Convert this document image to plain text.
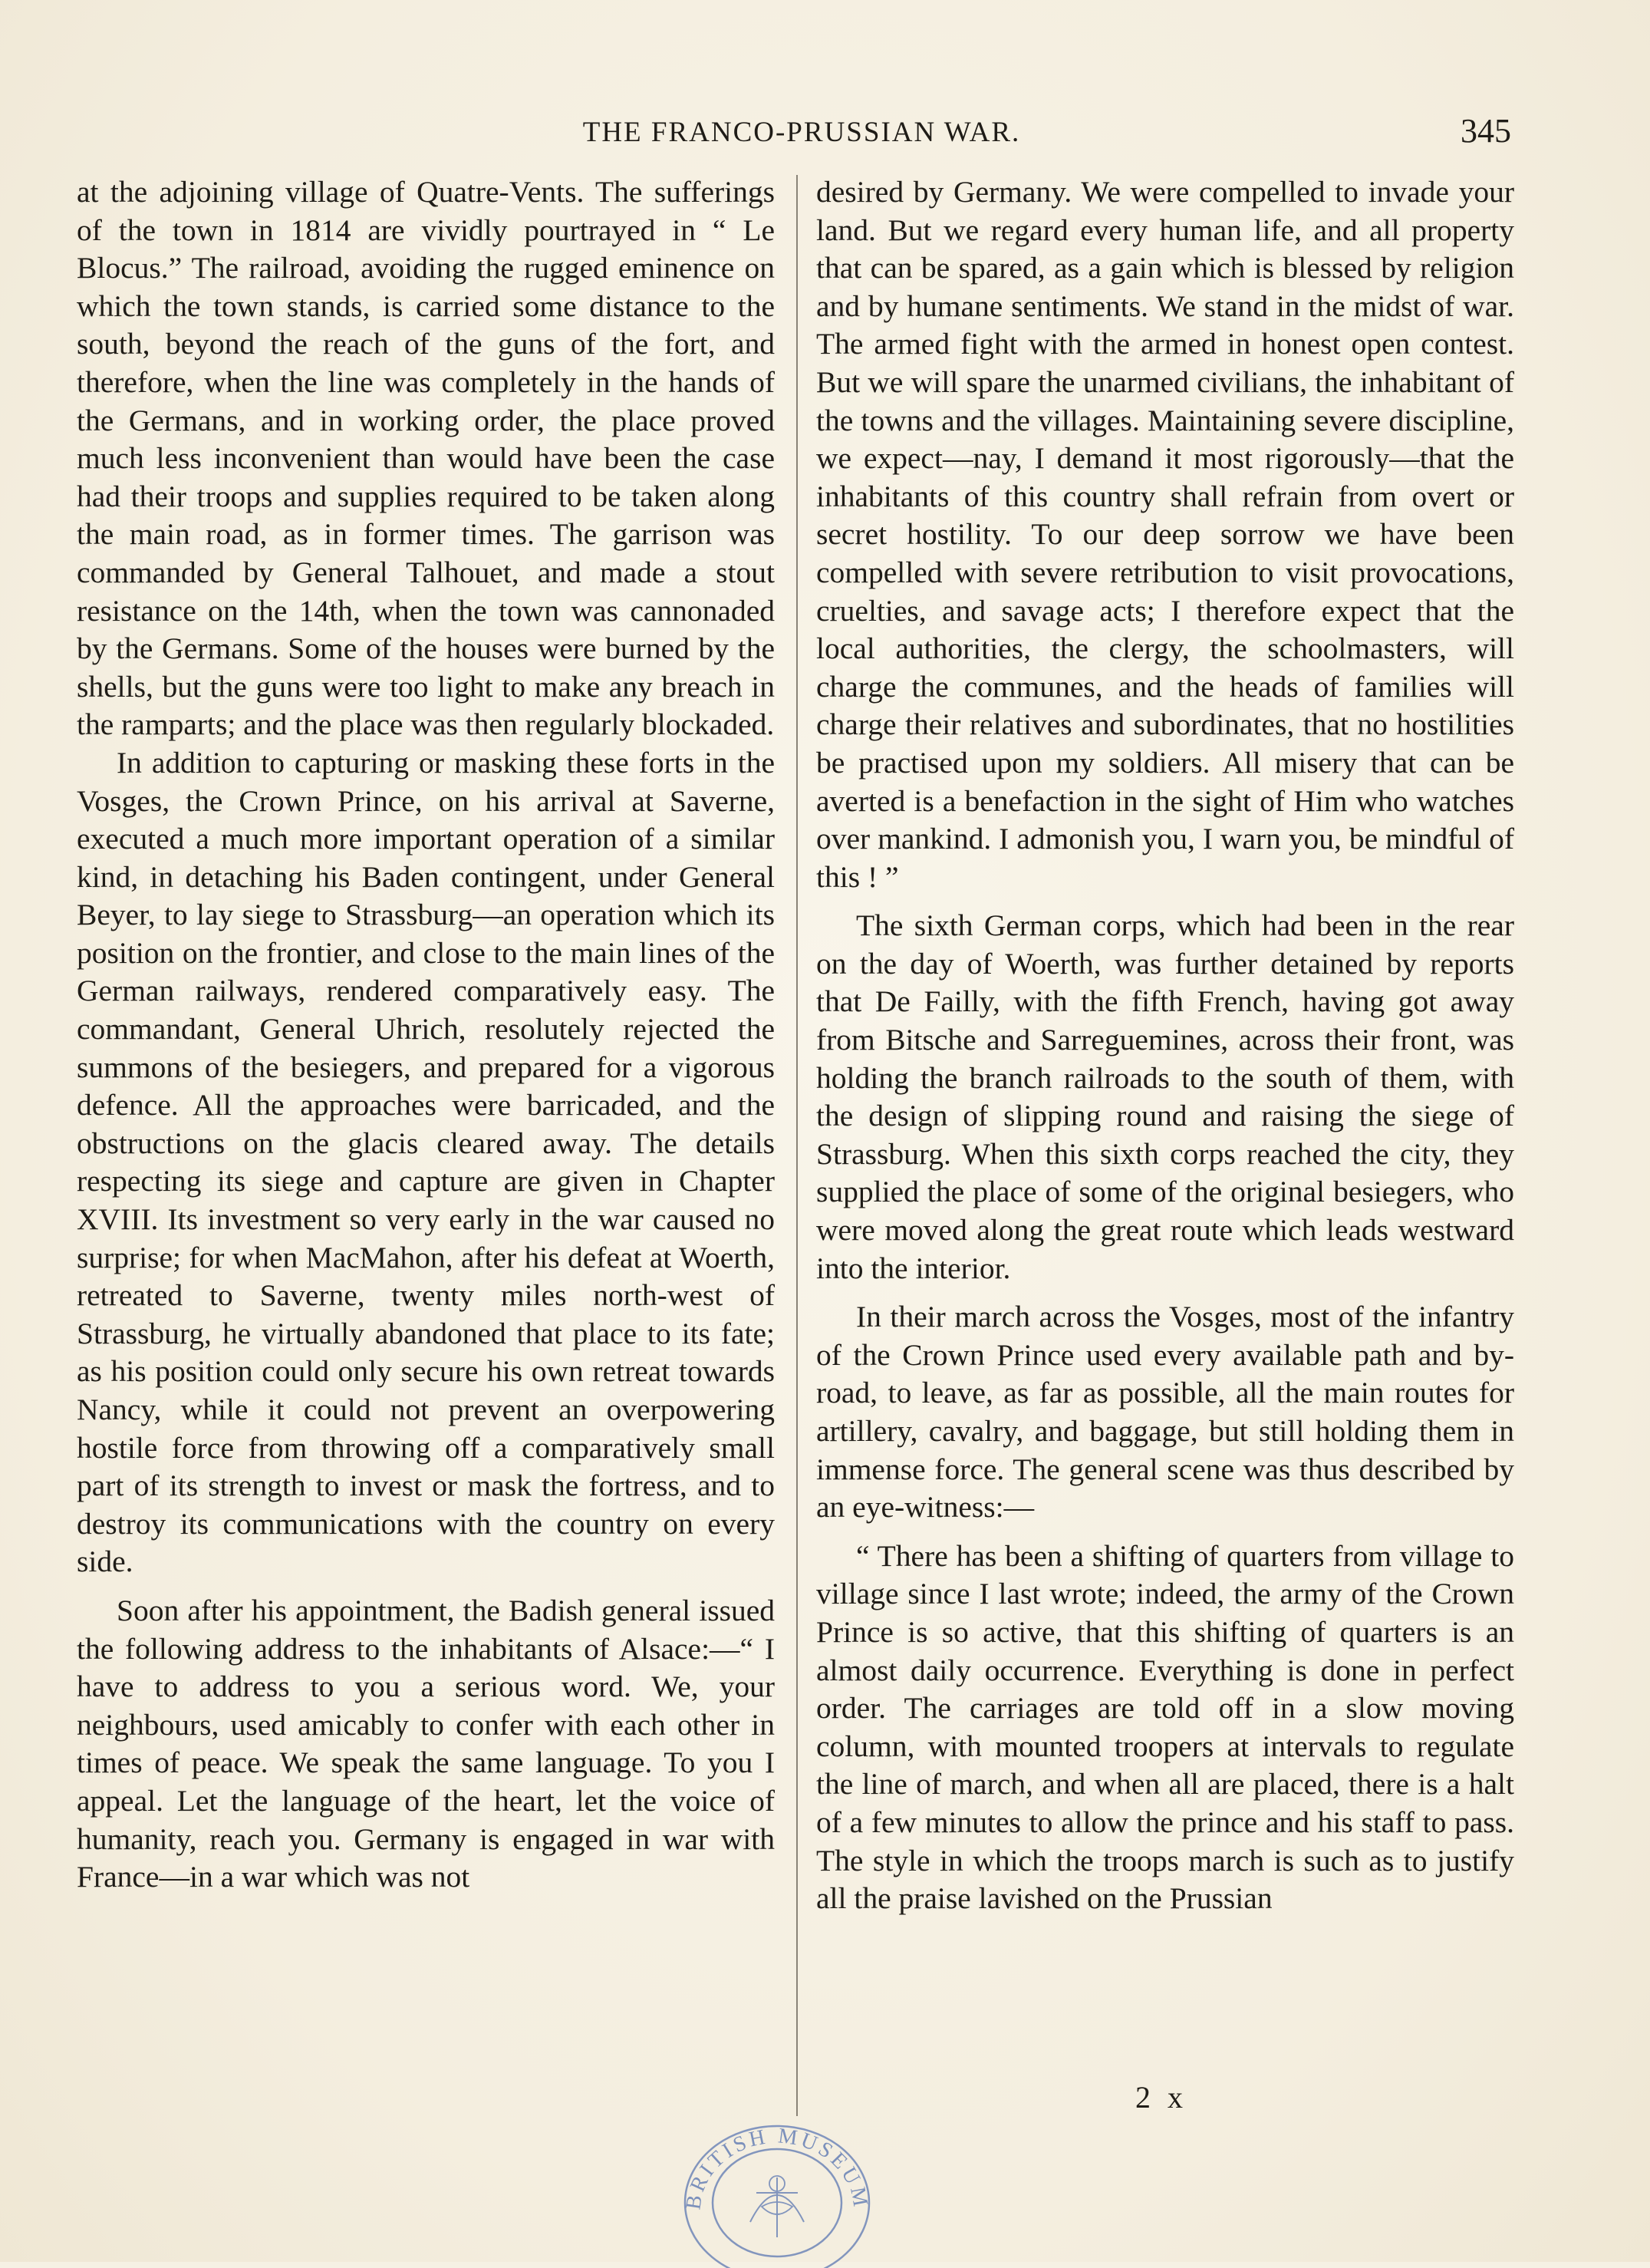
THE FRANCO-PRUSSIAN WAR.	345

at the adjoining village of Quatre-Vents. The sufferings of the town in 1814 are vividly pourtrayed in “ Le Blocus.” The railroad, avoiding the rugged eminence on which the town stands, is carried some distance to the south, beyond the reach of the guns of the fort, and therefore, when the line was completely in the hands of the Germans, and in working order, the place proved much less inconvenient than would have been the case had their troops and supplies required to be taken along the main road, as in former times. The garrison was commanded by General Talhouet, and made a stout resistance on the 14th, when the town was cannonaded by the Germans. Some of the houses were burned by the shells, but the guns were too light to make any breach in the ramparts; and the place was then regularly blockaded.

In addition to capturing or masking these forts in the Vosges, the Crown Prince, on his arrival at Saverne, executed a much more important operation of a similar kind, in detaching his Baden contingent, under General Beyer, to lay siege to Strassburg—an operation which its position on the frontier, and close to the main lines of the German railways, rendered comparatively easy. The commandant, General Uhrich, resolutely rejected the summons of the besiegers, and prepared for a vigorous defence. All the approaches were barricaded, and the obstructions on the glacis cleared away. The details respecting its siege and capture are given in Chapter XVIII. Its investment so very early in the war caused no surprise; for when MacMahon, after his defeat at Woerth, retreated to Saverne, twenty miles north-west of Strassburg, he virtually abandoned that place to its fate; as his position could only secure his own retreat towards Nancy, while it could not prevent an overpowering hostile force from throwing off a comparatively small part of its strength to invest or mask the fortress, and to destroy its communications with the country on every side.

Soon after his appointment, the Badish general issued the following address to the inhabitants of Alsace:—“ I have to address to you a serious word. We, your neighbours, used amicably to confer with each other in times of peace. We speak the same language. To you I appeal. Let the language of the heart, let the voice of humanity, reach you. Germany is engaged in war with France—in a war which was not

desired by Germany. We were compelled to invade your land. But we regard every human life, and all property that can be spared, as a gain which is blessed by religion and by humane sentiments. We stand in the midst of war. The armed fight with the armed in honest open contest. But we will spare the unarmed civilians, the inhabitant of the towns and the villages. Maintaining severe discipline, we expect—nay, I demand it most rigorously—that the inhabitants of this country shall refrain from overt or secret hostility. To our deep sorrow we have been compelled with severe retribution to visit provocations, cruelties, and savage acts; I therefore expect that the local authorities, the clergy, the schoolmasters, will charge the communes, and the heads of families will charge their relatives and subordinates, that no hostilities be practised upon my soldiers. All misery that can be averted is a benefaction in the sight of Him who watches over mankind. I admonish you, I warn you, be mindful of this ! ”

The sixth German corps, which had been in the rear on the day of Woerth, was further detained by reports that De Failly, with the fifth French, having got away from Bitsche and Sarreguemines, across their front, was holding the branch railroads to the south of them, with the design of slipping round and raising the siege of Strassburg. When this sixth corps reached the city, they supplied the place of some of the original besiegers, who were moved along the great route which leads westward into the interior.

In their march across the Vosges, most of the infantry of the Crown Prince used every available path and by-road, to leave, as far as possible, all the main routes for artillery, cavalry, and baggage, but still holding them in immense force. The general scene was thus described by an eye-witness:—

“ There has been a shifting of quarters from village to village since I last wrote; indeed, the army of the Crown Prince is so active, that this shifting of quarters is an almost daily occurrence. Everything is done in perfect order. The carriages are told off in a slow moving column, with mounted troopers at intervals to regulate the line of march, and when all are placed, there is a halt of a few minutes to allow the prince and his staff to pass. The style in which the troops march is such as to justify all the praise lavished on the Prussian

2 x
BRITISH MUSEUM
